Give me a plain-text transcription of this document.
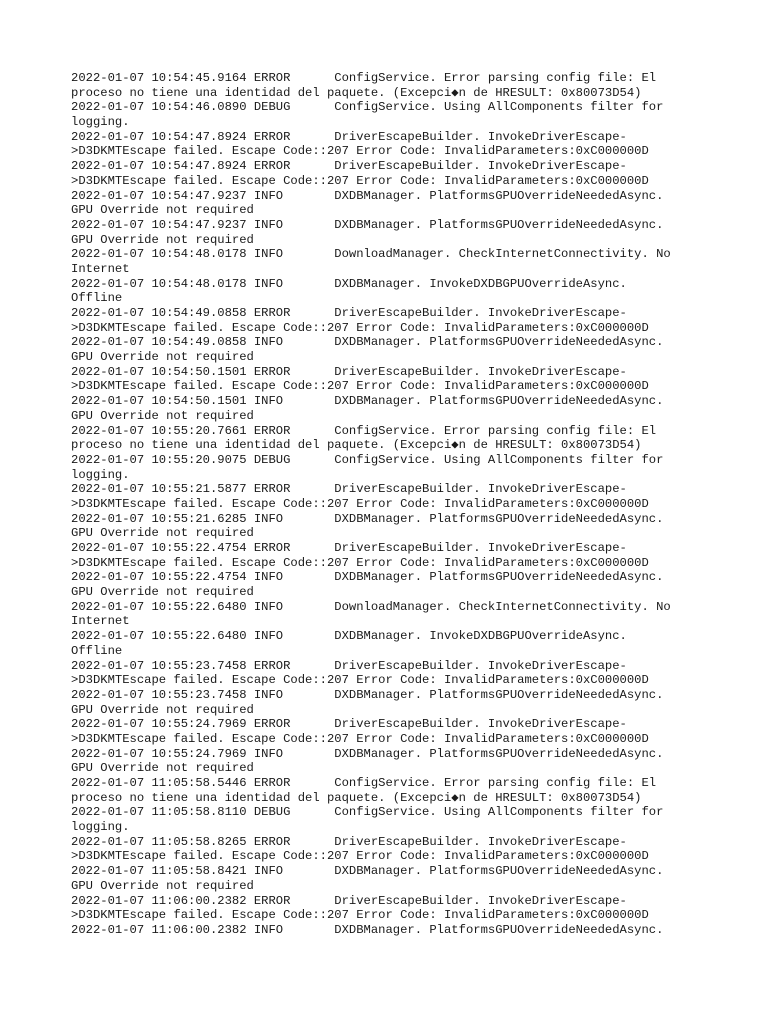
2022-01-07 10:54:45.9164 ERROR      ConfigService. Error parsing config file: El
proceso no tiene una identidad del paquete. (Excepci◆n de HRESULT: 0x80073D54)
2022-01-07 10:54:46.0890 DEBUG      ConfigService. Using AllComponents filter for
logging.
2022-01-07 10:54:47.8924 ERROR      DriverEscapeBuilder. InvokeDriverEscape-
>D3DKMTEscape failed. Escape Code::207 Error Code: InvalidParameters:0xC000000D
2022-01-07 10:54:47.8924 ERROR      DriverEscapeBuilder. InvokeDriverEscape-
>D3DKMTEscape failed. Escape Code::207 Error Code: InvalidParameters:0xC000000D
2022-01-07 10:54:47.9237 INFO       DXDBManager. PlatformsGPUOverrideNeededAsync.
GPU Override not required
2022-01-07 10:54:47.9237 INFO       DXDBManager. PlatformsGPUOverrideNeededAsync.
GPU Override not required
2022-01-07 10:54:48.0178 INFO       DownloadManager. CheckInternetConnectivity. No
Internet
2022-01-07 10:54:48.0178 INFO       DXDBManager. InvokeDXDBGPUOverrideAsync.
Offline
2022-01-07 10:54:49.0858 ERROR      DriverEscapeBuilder. InvokeDriverEscape-
>D3DKMTEscape failed. Escape Code::207 Error Code: InvalidParameters:0xC000000D
2022-01-07 10:54:49.0858 INFO       DXDBManager. PlatformsGPUOverrideNeededAsync.
GPU Override not required
2022-01-07 10:54:50.1501 ERROR      DriverEscapeBuilder. InvokeDriverEscape-
>D3DKMTEscape failed. Escape Code::207 Error Code: InvalidParameters:0xC000000D
2022-01-07 10:54:50.1501 INFO       DXDBManager. PlatformsGPUOverrideNeededAsync.
GPU Override not required
2022-01-07 10:55:20.7661 ERROR      ConfigService. Error parsing config file: El
proceso no tiene una identidad del paquete. (Excepci◆n de HRESULT: 0x80073D54)
2022-01-07 10:55:20.9075 DEBUG      ConfigService. Using AllComponents filter for
logging.
2022-01-07 10:55:21.5877 ERROR      DriverEscapeBuilder. InvokeDriverEscape-
>D3DKMTEscape failed. Escape Code::207 Error Code: InvalidParameters:0xC000000D
2022-01-07 10:55:21.6285 INFO       DXDBManager. PlatformsGPUOverrideNeededAsync.
GPU Override not required
2022-01-07 10:55:22.4754 ERROR      DriverEscapeBuilder. InvokeDriverEscape-
>D3DKMTEscape failed. Escape Code::207 Error Code: InvalidParameters:0xC000000D
2022-01-07 10:55:22.4754 INFO       DXDBManager. PlatformsGPUOverrideNeededAsync.
GPU Override not required
2022-01-07 10:55:22.6480 INFO       DownloadManager. CheckInternetConnectivity. No
Internet
2022-01-07 10:55:22.6480 INFO       DXDBManager. InvokeDXDBGPUOverrideAsync.
Offline
2022-01-07 10:55:23.7458 ERROR      DriverEscapeBuilder. InvokeDriverEscape-
>D3DKMTEscape failed. Escape Code::207 Error Code: InvalidParameters:0xC000000D
2022-01-07 10:55:23.7458 INFO       DXDBManager. PlatformsGPUOverrideNeededAsync.
GPU Override not required
2022-01-07 10:55:24.7969 ERROR      DriverEscapeBuilder. InvokeDriverEscape-
>D3DKMTEscape failed. Escape Code::207 Error Code: InvalidParameters:0xC000000D
2022-01-07 10:55:24.7969 INFO       DXDBManager. PlatformsGPUOverrideNeededAsync.
GPU Override not required
2022-01-07 11:05:58.5446 ERROR      ConfigService. Error parsing config file: El
proceso no tiene una identidad del paquete. (Excepci◆n de HRESULT: 0x80073D54)
2022-01-07 11:05:58.8110 DEBUG      ConfigService. Using AllComponents filter for
logging.
2022-01-07 11:05:58.8265 ERROR      DriverEscapeBuilder. InvokeDriverEscape-
>D3DKMTEscape failed. Escape Code::207 Error Code: InvalidParameters:0xC000000D
2022-01-07 11:05:58.8421 INFO       DXDBManager. PlatformsGPUOverrideNeededAsync.
GPU Override not required
2022-01-07 11:06:00.2382 ERROR      DriverEscapeBuilder. InvokeDriverEscape-
>D3DKMTEscape failed. Escape Code::207 Error Code: InvalidParameters:0xC000000D
2022-01-07 11:06:00.2382 INFO       DXDBManager. PlatformsGPUOverrideNeededAsync.
